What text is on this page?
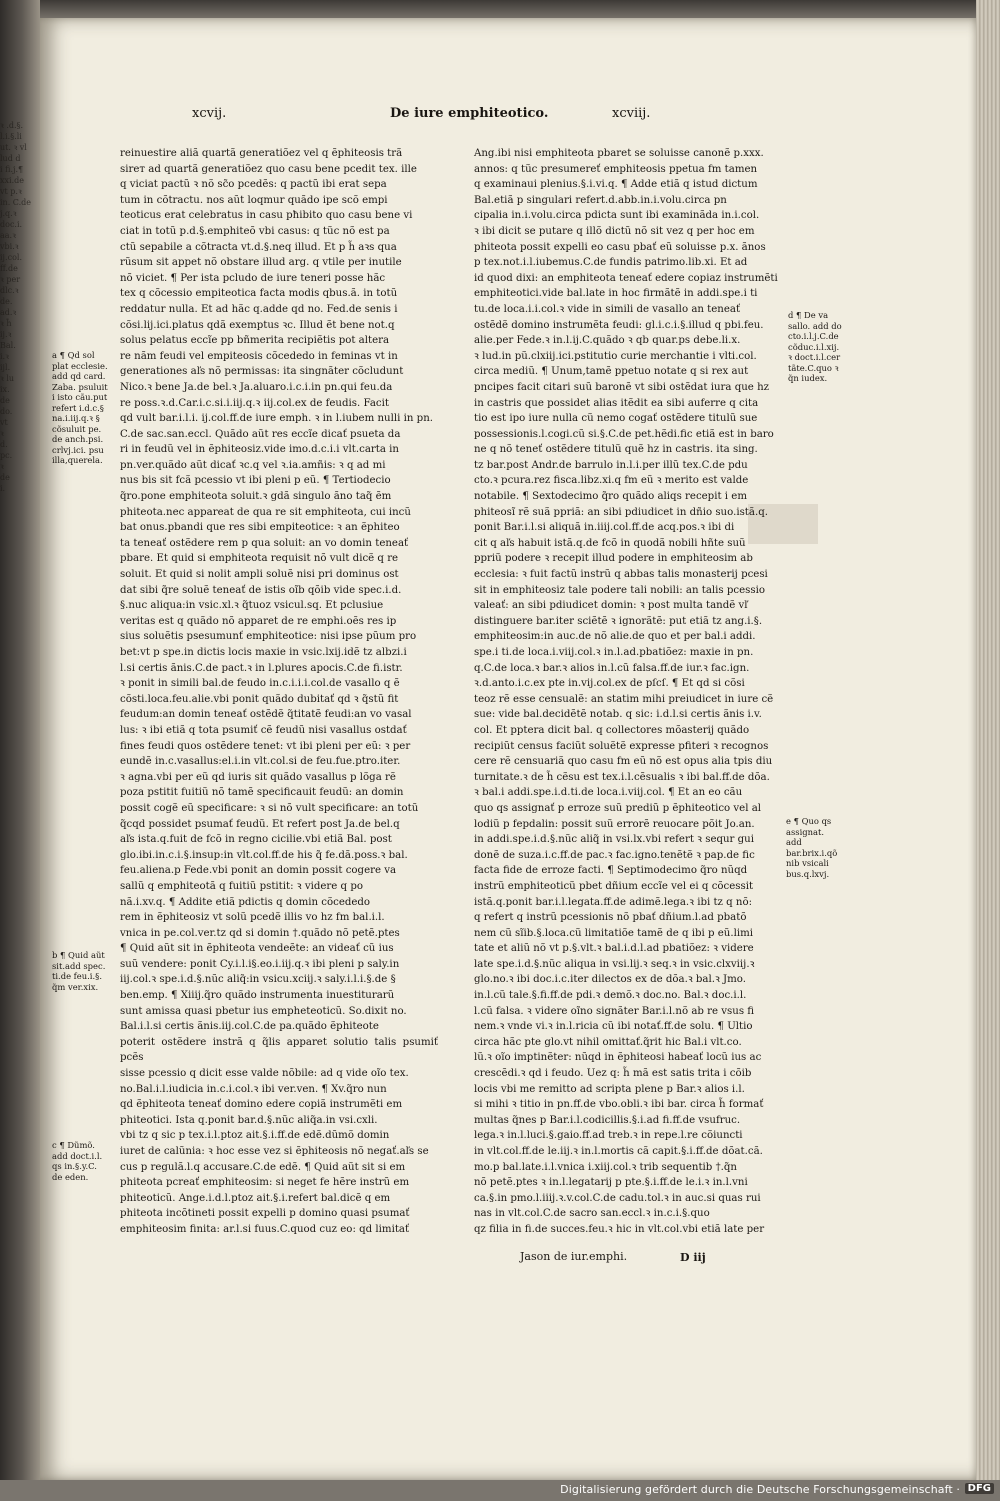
ꝛ .d.§.
l.i.§.li
ut. ꝛ vl
lud d
i fi.j.¶
xxi.de
vt p.ꝛ
in. C.de
j.q.ꝛ
doc.i.
aa.ꝛ
vbi.ꝛ
ij.col.
ff.de
ꝛ per
dlc.ꝛ
de.
ad.ꝛ
ꝛ h̃
ij.ꝛ
Bal.
i.ꝛ
ijl.
ꝛ lu
ix.
de
do.
vt
ꝛ
d.
pc.
ꝛ
de
i.
xcvij.	De iure emphiteotico.	xcviij.

reinuestire aliã quartã generatiõez vel q ẽphiteosis trã

sireт ad quartã generatiõez quo casu bene pcedit tex. ille

q viciat pactũ ꝛ nõ sc̃o pcedẽs: q pactũ ibi erat sepa

tum in cõtractu. nos aũt loqmur quãdo ipe scõ empi

teoticus erat celebratus in casu pħibito quo casu bene vi

ciat in totũ p.d.§.emphiteõ vbi casus: q tũc nõ est pa

ctũ sepabile a cõtracta vt.d.§.neq illud. Et p h̃ aꝛs qua

rũsum sit appet nõ obstare illud arg. q vtile per inutile

nõ viciet. ¶ Per ista pcludo de iure teneri posse hãc

tex q cõcessio empiteotica facta modis qbus.ã. in totũ

reddatur nulla. Et ad hãc q.adde qd no. Fed.de senis i

cõsi.lij.ici.platus qdã exemptus ꝛc. Illud ẽt bene not.q

solus pelatus eccĩe pp bñmerita recipiẽtis pot altera

re nãm feudi vel empiteosis cõcededo in feminas vt in

generationes aľs nõ permissas: ita singnãter cõcludunt

Nico.ꝛ bene Ja.de bel.ꝛ Ja.aluaro.i.c.i.in pn.qui feu.da

re poss.ꝛ.d.Car.i.c.si.i.iij.q.ꝛ iij.col.ex de feudis. Facit

qd vult bar.i.l.i. ij.col.ff.de iure emph. ꝛ in l.iubem nulli in pn.

C.de sac.san.eccl. Quãdo aũt res eccĩe dicať psueta da

ri in feudũ vel in ẽphiteosiz.vide imo.d.c.i.i vlt.carta in

pn.ver.quãdo aũt dicať ꝛc.q vel ꝛ.ia.amñis: ꝛ q ad mi

nus bis sit fcã pcessio vt ibi pleni p eũ. ¶ Tertiodecio

q̃ro.pone emphiteota soluit.ꝛ gdã singulo ãno taq̃ ẽm

phiteota.nec appareat de qua re sit emphiteota, cui incũ

bat onus.pbandi que res sibi empiteotice: ꝛ an ẽphiteo

ta teneať ostẽdere rem p qua soluit: an vo domin teneať

pbare. Et quid si emphiteota requisit nõ vult dicẽ q re

soluit. Et quid si nolit ampli soluẽ nisi pri dominus ost

dat sibi q̃re soluẽ teneať de istis oĩb qõib vide spec.i.d.

§.nuc aliqua:in vsic.xl.ꝛ q̃tuoz vsicul.sq. Et pclusiue

veritas est q quãdo nõ apparet de re emphi.oẽs res ip

sius soluẽtis psesumunť emphiteotice: nisi ipse pũum pro

bet:vt p spe.in dictis locis maxie in vsic.lxij.idẽ tz albzi.i

l.si certis ãnis.C.de pact.ꝛ in l.plures apocis.C.de fi.istr.

ꝛ ponit in simili bal.de feudo in.c.i.i.i.col.de vasallo q ẽ

cõsti.loca.feu.alie.vbi ponit quãdo dubitať qd ꝛ q̃stũ fit

feudum:an domin teneať ostẽdẽ q̃titatẽ feudi:an vo vasal

lus: ꝛ ibi etiã q tota psumiť cẽ feudũ nisi vasallus ostdať

fines feudi quos ostẽdere tenet: vt ibi pleni per eũ: ꝛ per

eundẽ in.c.vasallus:el.i.in vlt.col.si de feu.fue.ptro.iter.

ꝛ agna.vbi per eũ qd iuris sit quãdo vasallus p lõga rẽ

poza pstitit fuitiũ nõ tamẽ specificauit feudũ: an domin

possit cogẽ eũ specificare: ꝛ si nõ vult specificare: an totũ

q̃cqd possidet psumať feudũ. Et refert post Ja.de bel.q

aľs ista.q.fuit de fcõ in regno cicilie.vbi etiã Bal. post

glo.ibi.in.c.i.§.insup:in vlt.col.ff.de his q̃ fe.dã.poss.ꝛ bal.

feu.aliena.p Fede.vbi ponit an domin possit cogere va

sallũ q emphiteotã q fuitiũ pstitit: ꝛ videre q po

nã.i.xv.q. ¶ Addite etiã pdictis q domin cõcededo

rem in ẽphiteosiz vt solũ pcedẽ illis vo hz fm bal.i.l.

vnica in pe.col.ver.tz qd si domin †.quãdo nõ petẽ.ptes

¶ Quid aũt sit in ẽphiteota vendeẽte: an videať cũ ius

suũ vendere: ponit Cy.i.l.i§.eo.i.iij.q.ꝛ ibi pleni p saly.in

iij.col.ꝛ spe.i.d.§.nũc aliq̃:in vsicu.xciij.ꝛ saly.i.l.i.§.de §

ben.emp. ¶ Xiiij.q̃ro quãdo instrumenta inuestiturarũ

sunt amissa quasi pbetur ius empheteoticũ. So.dixit no.

Bal.i.l.si certis ãnis.iij.col.C.de pa.quãdo ẽphiteote

poterit ostẽdere instrã q q̃lis apparet solutio talis psumiť pcẽs

sisse pcessio q dicit esse valde nõbile: ad q vide oĩo tex.

no.Bal.i.l.iudicia in.c.i.col.ꝛ ibi ver.ven. ¶ Xv.q̃ro nun

qd ẽphiteota teneať domino edere copiã instrumẽti em

phiteotici. Ista q.ponit bar.d.§.nũc aliq̃a.in vsi.cxli.

vbi tz q sic p tex.i.l.ptoz ait.§.i.ff.de edẽ.dũmõ domin

iuret de calũnia: ꝛ hoc esse vez si ẽphiteosis nõ negať.aľs se

cus p regulã.l.q accusare.C.de edẽ. ¶ Quid aũt sit si em

phiteota pcreať emphiteosim: si neget fe hẽre instrũ em

phiteoticũ. Ange.i.d.l.ptoz ait.§.i.refert bal.dicẽ q em

phiteota incõtineti possit expelli p domino quasi psumať

emphiteosim finita: ar.l.si fuus.C.quod cuz eo: qd limitať

Ang.ibi nisi emphiteota pbaret se soluisse canonẽ p.xxx.

annos: q tũc presumereť emphiteosis ppetua fm tamen

q examinaui plenius.§.i.vi.q. ¶ Adde etiã q istud dictum

Bal.etiã p singulari refert.d.abb.in.i.volu.circa pn

cipalia in.i.volu.circa pdicta sunt ibi examinãda in.i.col.

ꝛ ibi dicit se putare q illõ dictũ nõ sit vez q per hoc em

phiteota possit expelli eo casu pbať eũ soluisse p.x. ãnos

p tex.not.i.l.iubemus.C.de fundis patrimo.lib.xi. Et ad

id quod dixi: an emphiteota teneať edere copiaz instrumẽti

emphiteotici.vide bal.late in hoc firmãtẽ in addi.spe.i ti

tu.de loca.i.i.col.ꝛ vide in simili de vasallo an teneať

ostẽdẽ domino instrumẽta feudi: gl.i.c.i.§.illud q pbi.feu.

alie.per Fede.ꝛ in.l.ij.C.quãdo ꝛ qb quar.ps debe.li.x.

ꝛ lud.in pũ.clxiij.ici.pstitutio curie merchantie i vlti.col.

circa mediũ. ¶ Unum,tamẽ ppetuo notate q si rex aut

pncipes facit citari suũ baronẽ vt sibi ostẽdat iura que hz

in castris que possidet alias itẽdit ea sibi auferre q cita

tio est ipo iure nulla cũ nemo cogať ostẽdere titulũ sue

possessionis.l.cogi.cũ si.§.C.de pet.hẽdi.fic etiã est in baro

ne q nõ teneť ostẽdere titulũ quẽ hz in castris. ita sing.

tz bar.post Andr.de barrulo in.l.i.per illũ tex.C.de pdu

cto.ꝛ pcura.rez fisca.libz.xi.q fm eũ ꝛ merito est valde

notabile. ¶ Sextodecimo q̃ro quãdo aliqs recepit i em

phiteosĩ rẽ suã ppriã: an sibi pdiudicet in dñio suo.istã.q.

ponit Bar.i.l.si aliquã in.iiij.col.ff.de acq.pos.ꝛ ibi di

cit q aľs habuit istã.q.de fcõ in quodã nobili hñte suũ

ppriũ podere ꝛ recepit illud podere in emphiteosim ab

ecclesia: ꝛ fuit factũ instrũ q abbas talis monasterij pcesi

sit in emphiteosiz tale podere tali nobili: an talis pcessio

valeať: an sibi pdiudicet domin: ꝛ post multa tandẽ vľ

distinguere bar.iter sciẽtẽ ꝛ ignorãtẽ: put etiã tz ang.i.§.

emphiteosim:in auc.de nõ alie.de quo et per bal.i addi.

spe.i ti.de loca.i.viij.col.ꝛ in.l.ad.pbatiõez: maxie in pn.

q.C.de loca.ꝛ bar.ꝛ alios in.l.cũ falsa.ff.de iur.ꝛ fac.ign.

ꝛ.d.anto.i.c.ex pte in.vij.col.ex de pſcſ. ¶ Et qd si cõsi

teoz rẽ esse censualẽ: an statim mihi preiudicet in iure cẽ

sue: vide bal.decidẽtẽ notab. q sic: i.d.l.si certis ãnis i.v.

col. Et pptera dicit bal. q collectores mõasterij quãdo

recipiũt census faciũt soluẽtẽ expresse pfiteri ꝛ recognos

cere rẽ censuariã quo casu fm eũ nõ est opus alia tpis diu

turnitate.ꝛ de h̃ cẽsu est tex.i.l.cẽsualis ꝛ ibi bal.ff.de dõa.

ꝛ bal.i addi.spe.i.d.ti.de loca.i.viij.col. ¶ Et an eo cãu

quo qs assignať p erroze suũ prediũ p ẽphiteotico vel al

lodiũ p fepdalin: possit suũ errorẽ reuocare põit Jo.an.

in addi.spe.i.d.§.nũc aliq̃ in vsi.lx.vbi refert ꝛ sequr gui

donẽ de suza.i.c.ff.de pac.ꝛ fac.igno.tenẽtẽ ꝛ pap.de fic

facta fide de erroze facti. ¶ Septimodecimo q̃ro nũqd

instrũ emphiteoticũ pbet dñium eccĩe vel ei q cõcessit

istã.q.ponit bar.i.l.legata.ff.de adimẽ.lega.ꝛ ibi tz q nõ:

q refert q instrũ pcessionis nõ pbať dñium.l.ad pbatõ

nem cũ sĩib.§.loca.cũ limitatiõe tamẽ de q ibi p eũ.limi

tate et aliũ nõ vt p.§.vlt.ꝛ bal.i.d.l.ad pbatiõez: ꝛ videre

late spe.i.d.§.nũc aliqua in vsi.lij.ꝛ seq.ꝛ in vsic.clxviij.ꝛ

glo.no.ꝛ ibi doc.i.c.iter dilectos ex de dõa.ꝛ bal.ꝛ Jmo.

in.l.cũ tale.§.fi.ff.de pdi.ꝛ demõ.ꝛ doc.no. Bal.ꝛ doc.i.l.

l.cũ falsa. ꝛ videre oĩno signãter Bar.i.l.nõ ab re vsus fi

nem.ꝛ vnde vi.ꝛ in.l.ricia cũ ibi notať.ff.de solu. ¶ Ultio

circa hãc pte glo.vt nihil omittať.q̃rit hic Bal.i vlt.co.

lũ.ꝛ oĩo imptinẽter: nũqd in ẽphiteosi habeať locũ ius ac

crescẽdi.ꝛ qd i feudo. Uez q: h̃ mã est satis trita i cõib

locis vbi me remitto ad scripta plene p Bar.ꝛ alios i.l.

si mihi ꝛ titio in pn.ff.de vbo.obli.ꝛ ibi bar. circa h̃ formať

multas q̃nes p Bar.i.l.codicillis.§.i.ad fi.ff.de vsufruc.

lega.ꝛ in.l.luci.§.gaio.ff.ad treb.ꝛ in repe.l.re cõiuncti

in vlt.col.ff.de le.iij.ꝛ in.l.mortis cã capit.§.i.ff.de dõat.cã.

mo.p bal.late.i.l.vnica i.xiij.col.ꝛ trib sequentib †.q̃n

nõ petẽ.ptes ꝛ in.l.legatarij p pte.§.i.ff.de le.i.ꝛ in.l.vni

ca.§.in pmo.l.iiij.ꝛ.v.col.C.de cadu.tol.ꝛ in auc.si quas rui

nas in vlt.col.C.de sacro san.eccl.ꝛ in.c.i.§.quo

qz filia in fi.de succes.feu.ꝛ hic in vlt.col.vbi etiã late per

a ¶ Qd sol
plat ecclesie.
add qd card.
Zaba. psuluit
i isto cãu.put
refert i.d.c.§
na.i.iij.q.ꝛ §
cõsuluit pe.
de anch.psi.
crlvj.ici. psu
illa,querela.
b ¶ Quid aũt
sit.add spec.
ti.de feu.i.§.
q̃m ver.xix.
c ¶ Dũmõ.
add doct.i.l.
qs in.§.y.C.
de eden.
d ¶ De va
sallo. add do
cto.i.l.j.C.de
cõduc.i.l.xij.
ꝛ doct.i.l.cer
tãte.C.quo ꝛ
q̃n iudex.
e ¶ Quo qs
assignat. add
bar.brix.i.qõ
nib vsicali
bus.q.lxvj.
Jason de iur.emphi.	D iij
Digitalisierung gefördert durch die Deutsche Forschungsgemeinschaft · DFG
